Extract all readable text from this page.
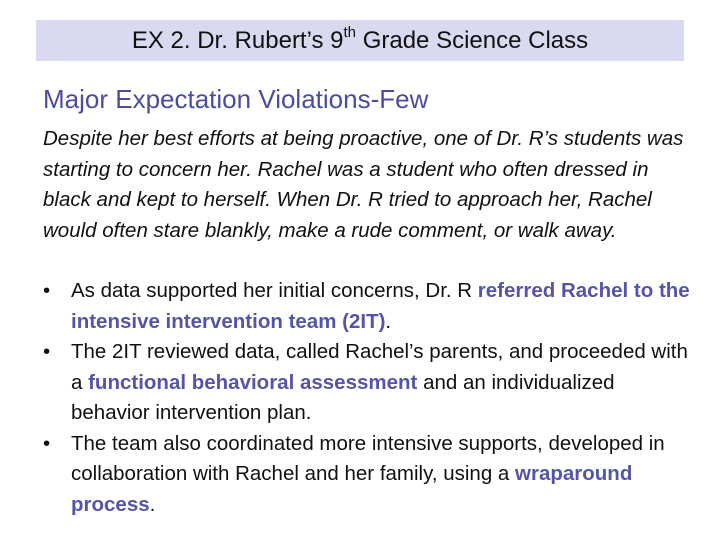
EX 2. Dr. Rubert’s 9th Grade Science Class
Major Expectation Violations-Few

Despite her best efforts at being proactive, one of Dr. R’s students was starting to concern her. Rachel was a student who often dressed in black and kept to herself. When Dr. R tried to approach her, Rachel would often stare blankly, make a rude comment, or walk away.

•	As data supported her initial concerns, Dr. R referred Rachel to the intensive intervention team (2IT).
•	The 2IT reviewed data, called Rachel’s parents, and proceeded with a functional behavioral assessment and an individualized behavior intervention plan.
•	The team also coordinated more intensive supports, developed in collaboration with Rachel and her family, using a wraparound process.
